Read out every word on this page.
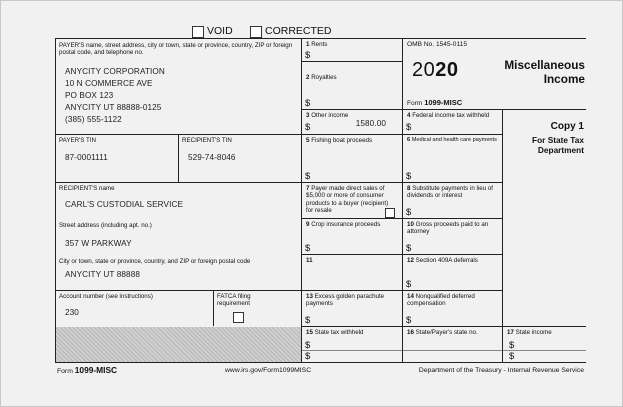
VOID	CORRECTED
PAYER'S name, street address, city or town, state or province, country, ZIP or foreign postal code, and telephone no.
ANYCITY CORPORATION
10 N COMMERCE AVE
PO BOX 123
ANYCITY UT 88888-0125
(385) 555-1122
1 Rents
$
2 Royalties
$
OMB No. 1545-0115
2020
Form 1099-MISC
Miscellaneous
Income
Copy 1
For State Tax
Department
3 Other income
$	1580.00
4 Federal income tax withheld
$
PAYER'S TIN
87-0001111
RECIPIENT'S TIN
529-74-8046
5 Fishing boat proceeds
$
6 Medical and health care payments
$
RECIPIENT'S name
CARL'S CUSTODIAL SERVICE
Street address (including apt. no.)
357 W PARKWAY
City or town, state or province, country, and ZIP or foreign postal code
ANYCITY UT 88888
7 Payer made direct sales of $5,000 or more of consumer products to a buyer (recipient) for resale
8 Substitute payments in lieu of dividends or interest
$
9 Crop insurance proceeds
$
10 Gross proceeds paid to an attorney
$
11	12 Section 409A deferrals
$
Account number (see instructions)
230
FATCA filing requirement
13 Excess golden parachute payments
$
14 Nonqualified deferred compensation
$
15 State tax withheld
$
$
16 State/Payer's state no.	17 State income
$
$
Form 1099-MISC	www.irs.gov/Form1099MISC	Department of the Treasury - Internal Revenue Service
